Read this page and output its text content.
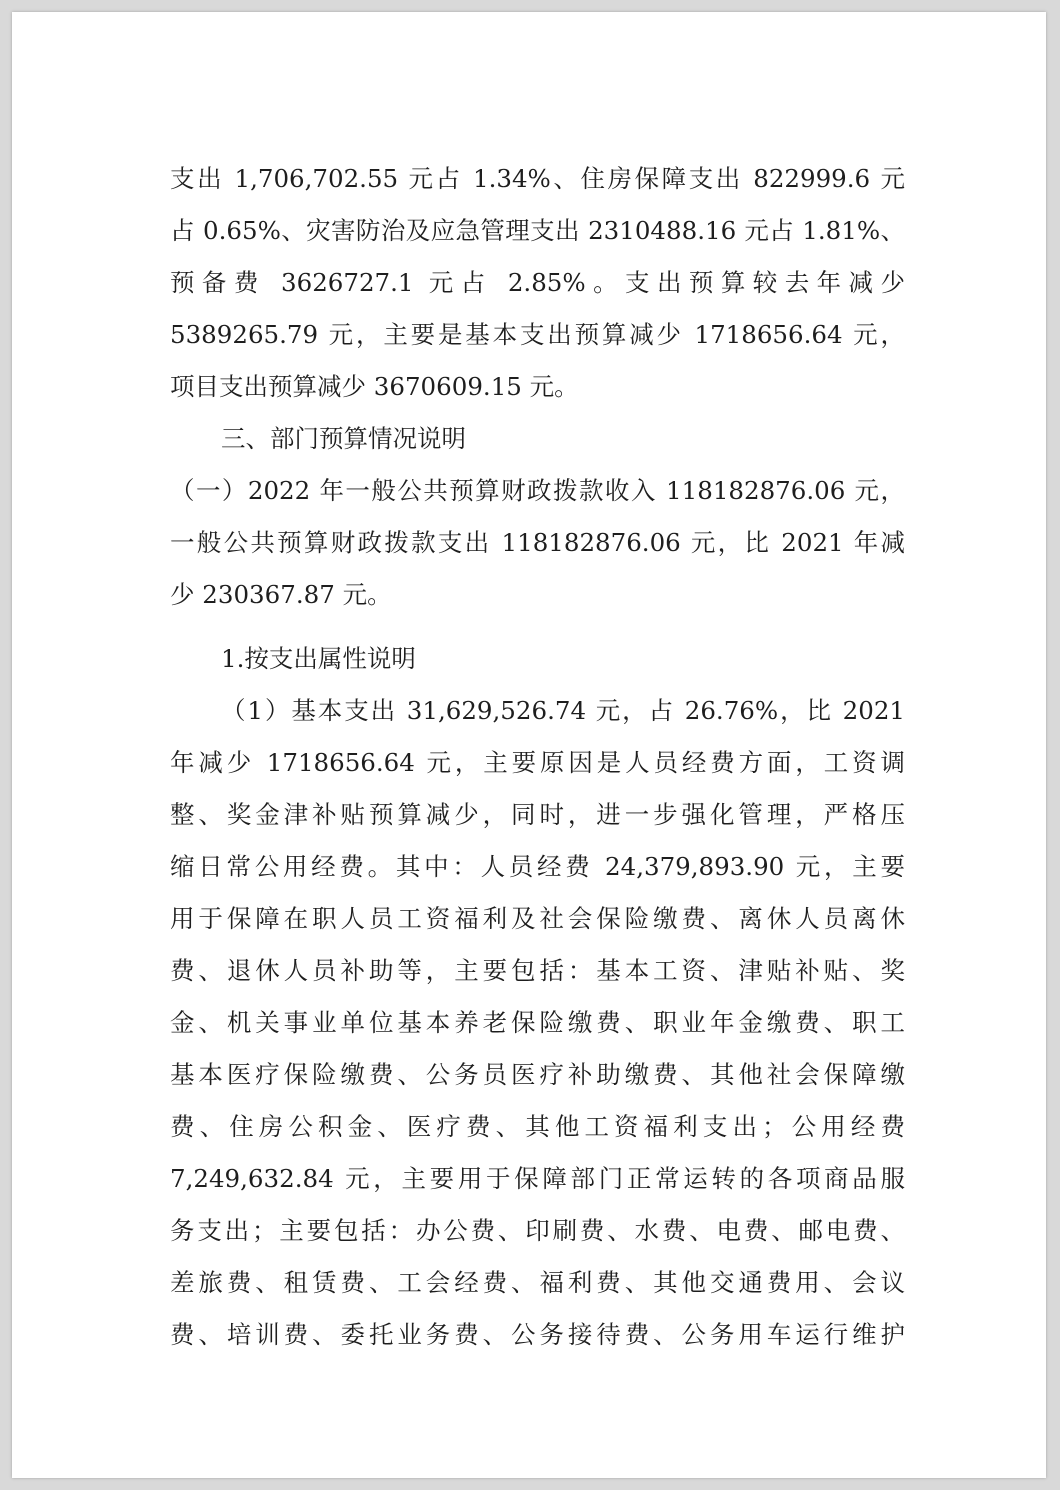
支出 1,706,702.55 元占 1.34%、住房保障支出 822999.6 元

占 0.65%、灾害防治及应急管理支出 2310488.16 元占 1.81%、

预备费 3626727.1 元占 2.85%。支出预算较去年减少

5389265.79 元，主要是基本支出预算减少 1718656.64 元，

项目支出预算减少 3670609.15 元。

三、部门预算情况说明

（一）2022 年一般公共预算财政拨款收入 118182876.06 元，

一般公共预算财政拨款支出 118182876.06 元，比 2021 年减

少 230367.87 元。

1.按支出属性说明

（1）基本支出 31,629,526.74 元，占 26.76%，比 2021

年减少 1718656.64 元，主要原因是人员经费方面，工资调

整、奖金津补贴预算减少，同时，进一步强化管理，严格压

缩日常公用经费。其中：人员经费 24,379,893.90 元，主要

用于保障在职人员工资福利及社会保险缴费、离休人员离休

费、退休人员补助等，主要包括：基本工资、津贴补贴、奖

金、机关事业单位基本养老保险缴费、职业年金缴费、职工

基本医疗保险缴费、公务员医疗补助缴费、其他社会保障缴

费、住房公积金、医疗费、其他工资福利支出；公用经费

7,249,632.84 元，主要用于保障部门正常运转的各项商品服

务支出；主要包括：办公费、印刷费、水费、电费、邮电费、

差旅费、租赁费、工会经费、福利费、其他交通费用、会议

费、培训费、委托业务费、公务接待费、公务用车运行维护
